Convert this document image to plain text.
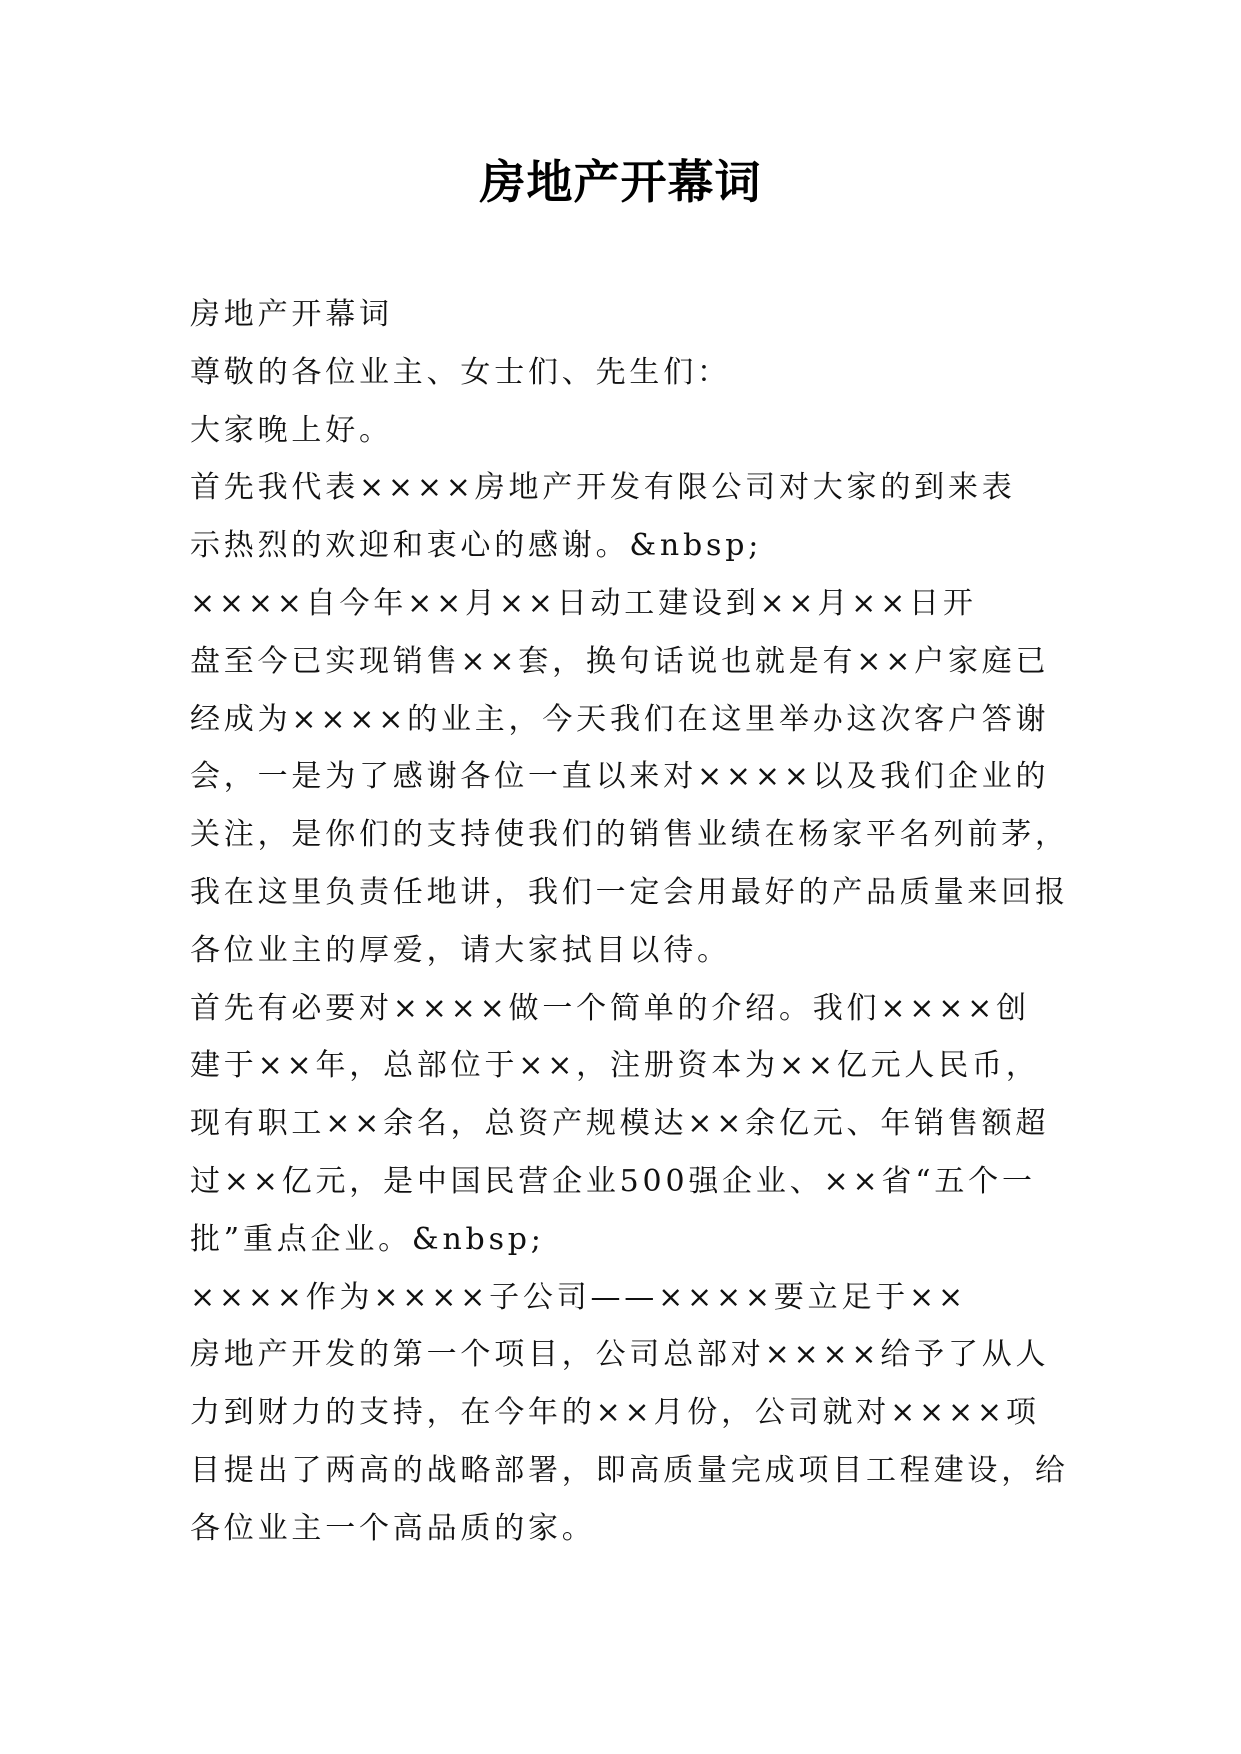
房地产开幕词

房地产开幕词

尊敬的各位业主、女士们、先生们：

大家晚上好。

首先我代表××××房地产开发有限公司对大家的到来表

示热烈的欢迎和衷心的感谢。&nbsp;

××××自今年××月××日动工建设到××月××日开

盘至今已实现销售××套，换句话说也就是有××户家庭已

经成为××××的业主，今天我们在这里举办这次客户答谢

会，一是为了感谢各位一直以来对××××以及我们企业的

关注，是你们的支持使我们的销售业绩在杨家平名列前茅，

我在这里负责任地讲，我们一定会用最好的产品质量来回报

各位业主的厚爱，请大家拭目以待。

首先有必要对××××做一个简单的介绍。我们××××创

建于××年，总部位于××，注册资本为××亿元人民币，

现有职工××余名，总资产规模达××余亿元、年销售额超

过××亿元，是中国民营企业500强企业、××省“五个一

批”重点企业。&nbsp;

××××作为××××子公司——××××要立足于××

房地产开发的第一个项目，公司总部对××××给予了从人

力到财力的支持，在今年的××月份，公司就对××××项

目提出了两高的战略部署，即高质量完成项目工程建设，给

各位业主一个高品质的家。
